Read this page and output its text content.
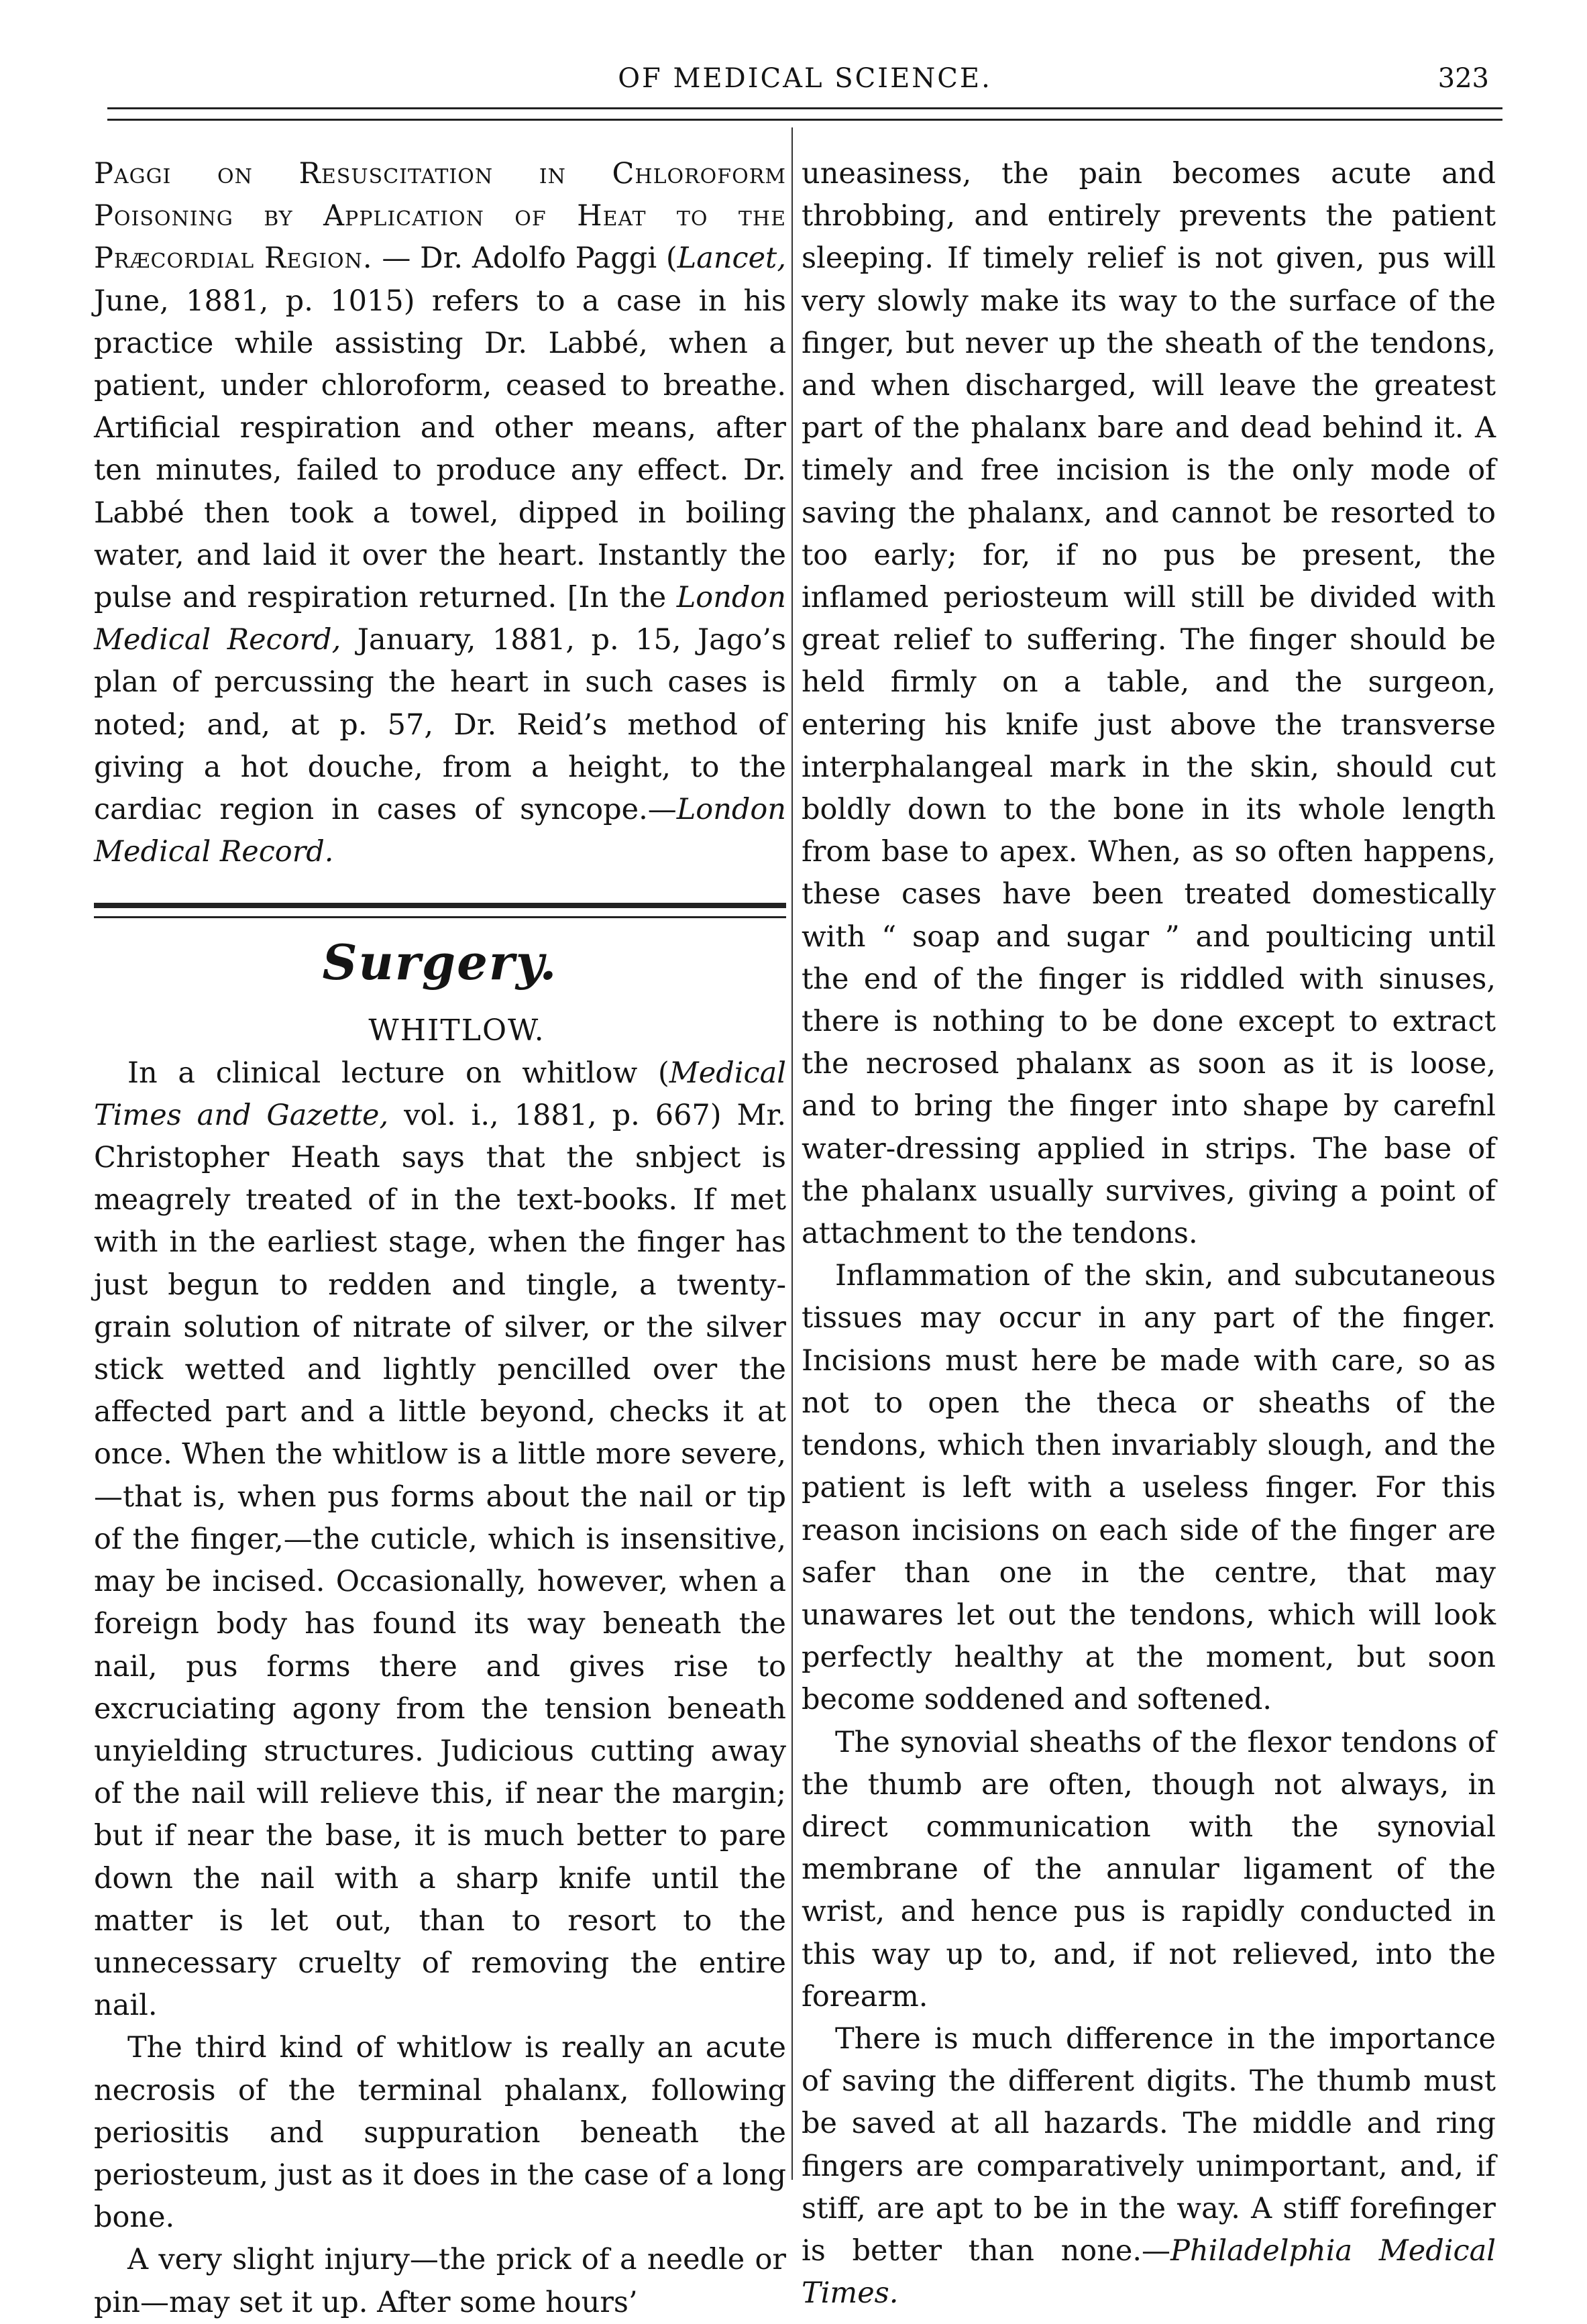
OF MEDICAL SCIENCE.	323

Paggi on Resuscitation in Chloroform Poisoning by Application of Heat to the Præcordial Region. — Dr. Adolfo Paggi (Lancet, June, 1881, p. 1015) refers to a case in his practice while assisting Dr. Labbé, when a patient, under chloroform, ceased to breathe. Artificial respiration and other means, after ten minutes, failed to produce any effect. Dr. Labbé then took a towel, dipped in boiling water, and laid it over the heart. Instantly the pulse and respiration returned. [In the London Medical Record, January, 1881, p. 15, Jago’s plan of percussing the heart in such cases is noted; and, at p. 57, Dr. Reid’s method of giving a hot douche, from a height, to the cardiac region in cases of syncope.—London Medical Record.

Surgery.

WHITLOW.

In a clinical lecture on whitlow (Medical Times and Gazette, vol. i., 1881, p. 667) Mr. Christopher Heath says that the snbject is meagrely treated of in the text-books. If met with in the earliest stage, when the finger has just begun to redden and tingle, a twenty-grain solution of nitrate of silver, or the silver stick wetted and lightly pencilled over the affected part and a little beyond, checks it at once. When the whitlow is a little more severe,—that is, when pus forms about the nail or tip of the finger,—the cuticle, which is insensitive, may be incised. Occasionally, however, when a foreign body has found its way beneath the nail, pus forms there and gives rise to excruciating agony from the tension beneath unyielding structures. Judicious cutting away of the nail will relieve this, if near the margin; but if near the base, it is much better to pare down the nail with a sharp knife until the matter is let out, than to resort to the unnecessary cruelty of removing the entire nail.

The third kind of whitlow is really an acute necrosis of the terminal phalanx, following periositis and suppuration beneath the periosteum, just as it does in the case of a long bone.

A very slight injury—the prick of a needle or pin—may set it up. After some hours’

uneasiness, the pain becomes acute and throbbing, and entirely prevents the patient sleeping. If timely relief is not given, pus will very slowly make its way to the surface of the finger, but never up the sheath of the tendons, and when discharged, will leave the greatest part of the phalanx bare and dead behind it. A timely and free incision is the only mode of saving the phalanx, and cannot be resorted to too early; for, if no pus be present, the inflamed periosteum will still be divided with great relief to suffering. The finger should be held firmly on a table, and the surgeon, entering his knife just above the transverse interphalangeal mark in the skin, should cut boldly down to the bone in its whole length from base to apex. When, as so often happens, these cases have been treated domestically with “ soap and sugar ” and poulticing until the end of the finger is riddled with sinuses, there is nothing to be done except to extract the necrosed phalanx as soon as it is loose, and to bring the finger into shape by carefnl water-dressing applied in strips. The base of the phalanx usually survives, giving a point of attachment to the tendons.

Inflammation of the skin, and subcutaneous tissues may occur in any part of the finger. Incisions must here be made with care, so as not to open the theca or sheaths of the tendons, which then invariably slough, and the patient is left with a useless finger. For this reason incisions on each side of the finger are safer than one in the centre, that may unawares let out the tendons, which will look perfectly healthy at the moment, but soon become soddened and softened.

The synovial sheaths of the flexor tendons of the thumb are often, though not always, in direct communication with the synovial membrane of the annular ligament of the wrist, and hence pus is rapidly conducted in this way up to, and, if not relieved, into the forearm.

There is much difference in the importance of saving the different digits. The thumb must be saved at all hazards. The middle and ring fingers are comparatively unimportant, and, if stiff, are apt to be in the way. A stiff forefinger is better than none.—Philadelphia Medical Times.
